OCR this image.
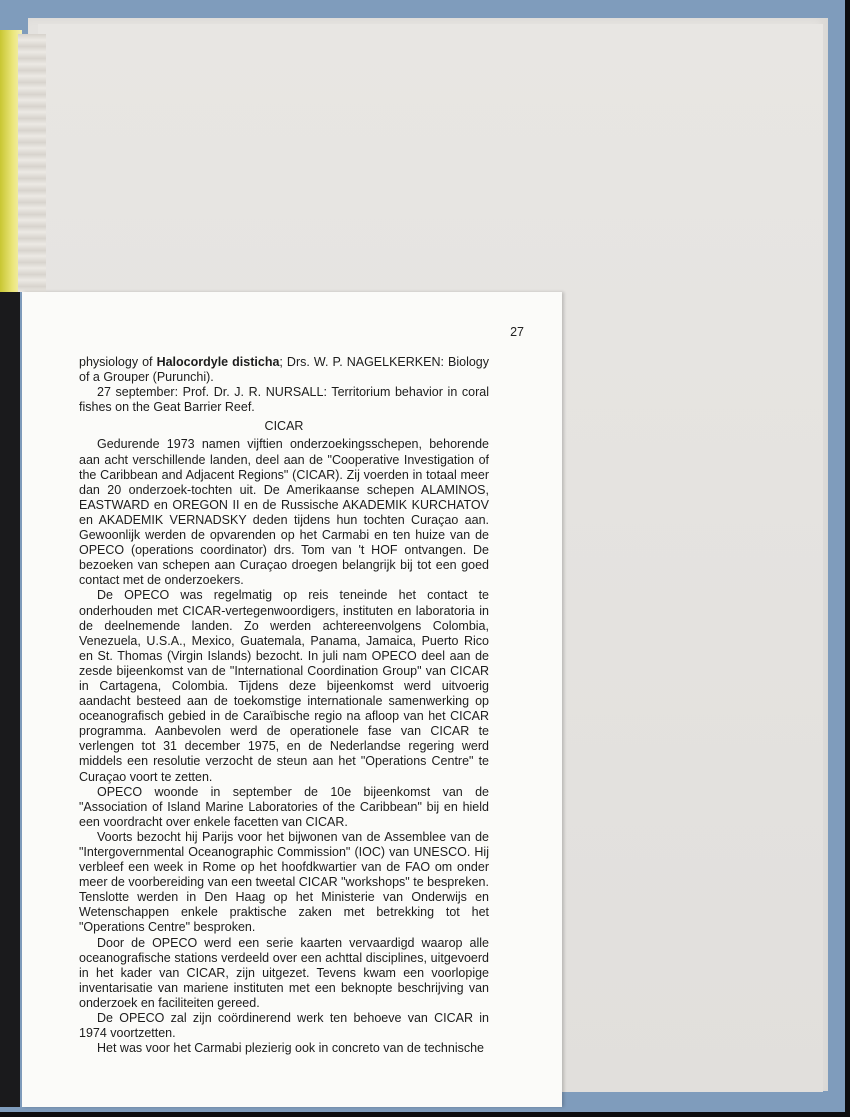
27

physiology of Halocordyle disticha; Drs. W. P. NAGELKERKEN: Biology of a Grouper (Purunchi).

27 september: Prof. Dr. J. R. NURSALL: Territorium behavior in coral fishes on the Geat Barrier Reef.

CICAR

Gedurende 1973 namen vijftien onderzoekingsschepen, behorende aan acht verschillende landen, deel aan de "Cooperative Investigation of the Caribbean and Adjacent Regions" (CICAR). Zij voerden in totaal meer dan 20 onderzoek-tochten uit. De Amerikaanse schepen ALAMINOS, EASTWARD en OREGON II en de Russische AKADEMIK KURCHATOV en AKADEMIK VERNADSKY deden tijdens hun tochten Curaçao aan. Gewoonlijk werden de opvarenden op het Carmabi en ten huize van de OPECO (operations coordinator) drs. Tom van 't HOF ontvangen. De bezoeken van schepen aan Curaçao droegen belangrijk bij tot een goed contact met de onderzoekers.

De OPECO was regelmatig op reis teneinde het contact te onderhouden met CICAR-vertegenwoordigers, instituten en laboratoria in de deelnemende landen. Zo werden achtereenvolgens Colombia, Venezuela, U.S.A., Mexico, Guatemala, Panama, Jamaica, Puerto Rico en St. Thomas (Virgin Islands) bezocht. In juli nam OPECO deel aan de zesde bijeenkomst van de "International Coordination Group" van CICAR in Cartagena, Colombia. Tijdens deze bijeenkomst werd uitvoerig aandacht besteed aan de toekomstige internationale samenwerking op oceanografisch gebied in de Caraïbische regio na afloop van het CICAR programma. Aanbevolen werd de operationele fase van CICAR te verlengen tot 31 december 1975, en de Nederlandse regering werd middels een resolutie verzocht de steun aan het "Operations Centre" te Curaçao voort te zetten.

OPECO woonde in september de 10e bijeenkomst van de "Association of Island Marine Laboratories of the Caribbean" bij en hield een voordracht over enkele facetten van CICAR.

Voorts bezocht hij Parijs voor het bijwonen van de Assemblee van de "Intergovernmental Oceanographic Commission" (IOC) van UNESCO. Hij verbleef een week in Rome op het hoofdkwartier van de FAO om onder meer de voorbereiding van een tweetal CICAR "workshops" te bespreken. Tenslotte werden in Den Haag op het Ministerie van Onderwijs en Wetenschappen enkele praktische zaken met betrekking tot het "Operations Centre" besproken.

Door de OPECO werd een serie kaarten vervaardigd waarop alle oceanografische stations verdeeld over een achttal disciplines, uitgevoerd in het kader van CICAR, zijn uitgezet. Tevens kwam een voorlopige inventarisatie van mariene instituten met een beknopte beschrijving van onderzoek en faciliteiten gereed.

De OPECO zal zijn coördinerend werk ten behoeve van CICAR in 1974 voortzetten.

Het was voor het Carmabi plezierig ook in concreto van de technische
